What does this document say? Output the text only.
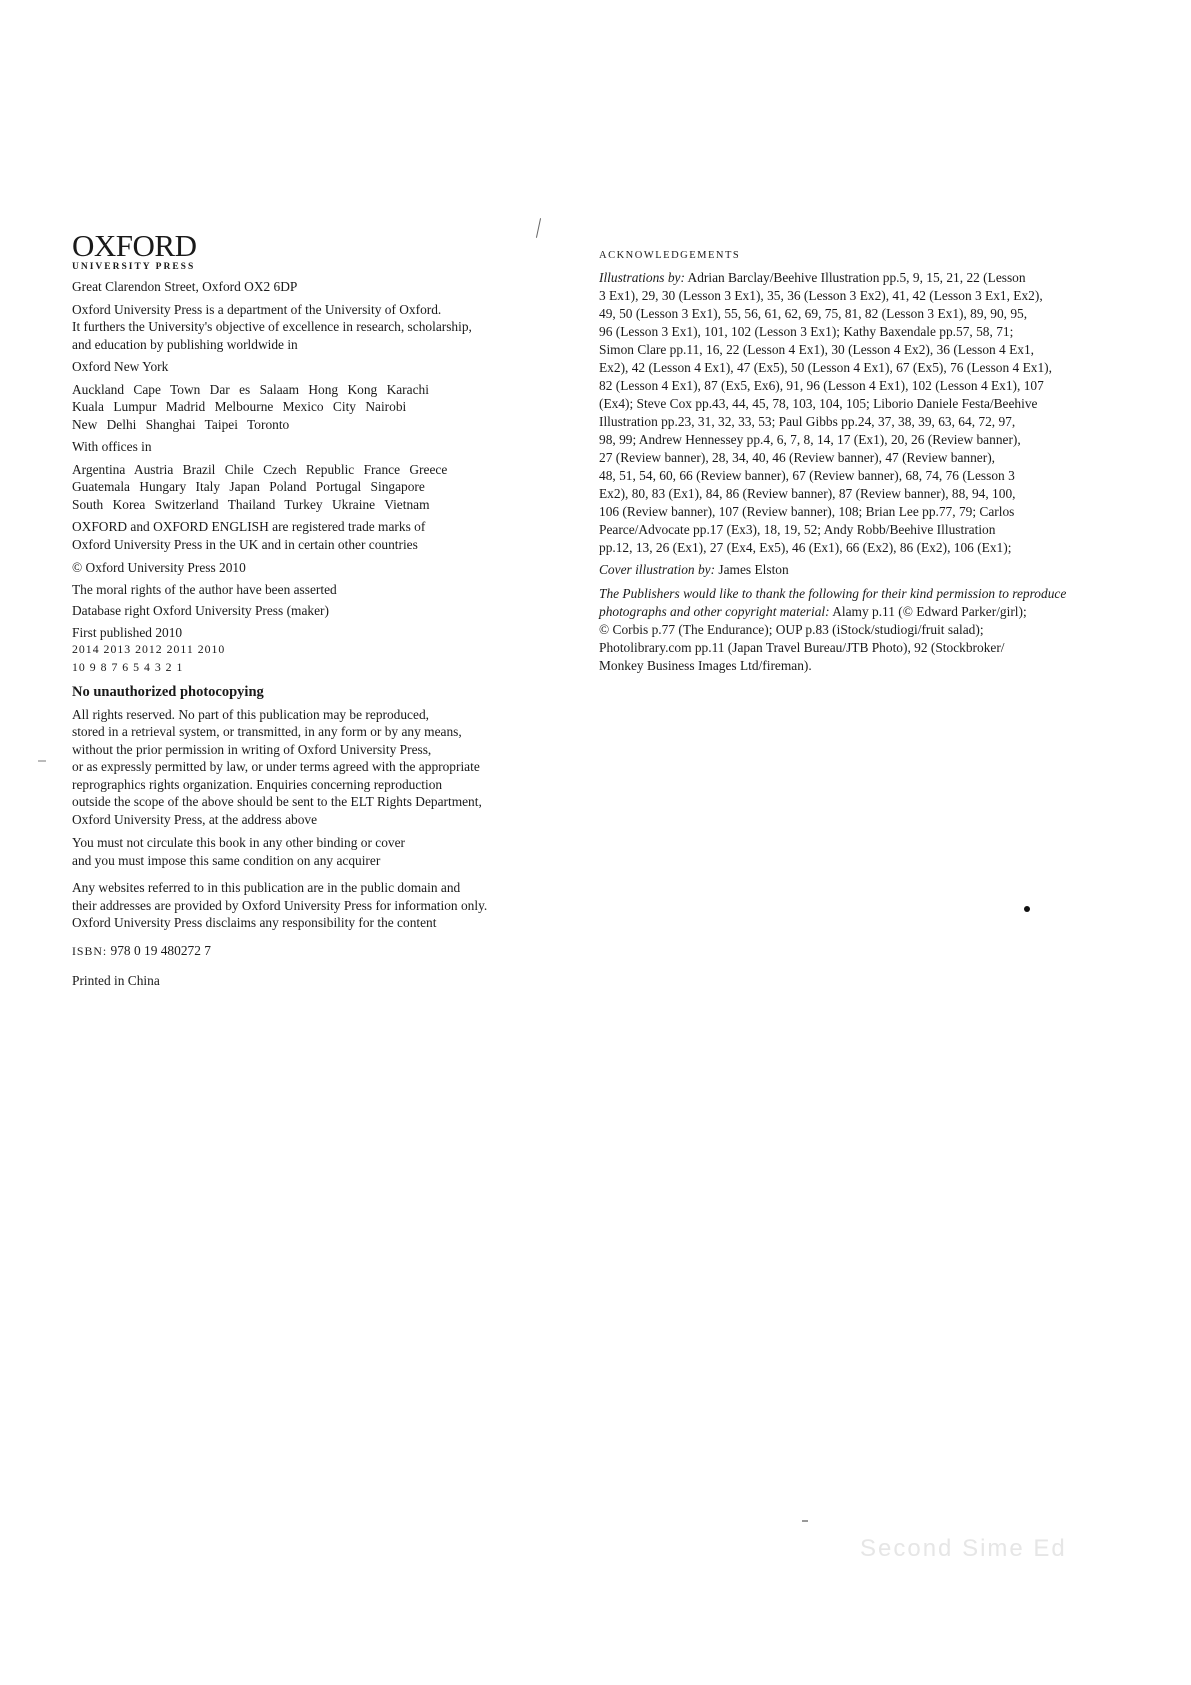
OXFORD
UNIVERSITY PRESS
Great Clarendon Street, Oxford OX2 6DP
Oxford University Press is a department of the University of Oxford.
It furthers the University's objective of excellence in research, scholarship,
and education by publishing worldwide in
Oxford New York
Auckland Cape Town Dar es Salaam Hong Kong Karachi
Kuala Lumpur Madrid Melbourne Mexico City Nairobi
New Delhi Shanghai Taipei Toronto
With offices in
Argentina Austria Brazil Chile Czech Republic France Greece
Guatemala Hungary Italy Japan Poland Portugal Singapore
South Korea Switzerland Thailand Turkey Ukraine Vietnam
OXFORD and OXFORD ENGLISH are registered trade marks of
Oxford University Press in the UK and in certain other countries
© Oxford University Press 2010
The moral rights of the author have been asserted
Database right Oxford University Press (maker)
First published 2010
2014 2013 2012 2011 2010
10 9 8 7 6 5 4 3 2 1
No unauthorized photocopying
All rights reserved. No part of this publication may be reproduced,
stored in a retrieval system, or transmitted, in any form or by any means,
without the prior permission in writing of Oxford University Press,
or as expressly permitted by law, or under terms agreed with the appropriate
reprographics rights organization. Enquiries concerning reproduction
outside the scope of the above should be sent to the ELT Rights Department,
Oxford University Press, at the address above
You must not circulate this book in any other binding or cover
and you must impose this same condition on any acquirer
Any websites referred to in this publication are in the public domain and
their addresses are provided by Oxford University Press for information only.
Oxford University Press disclaims any responsibility for the content
ISBN: 978 0 19 480272 7
Printed in China
ACKNOWLEDGEMENTS
Illustrations by: Adrian Barclay/Beehive Illustration pp.5, 9, 15, 21, 22 (Lesson
3 Ex1), 29, 30 (Lesson 3 Ex1), 35, 36 (Lesson 3 Ex2), 41, 42 (Lesson 3 Ex1, Ex2),
49, 50 (Lesson 3 Ex1), 55, 56, 61, 62, 69, 75, 81, 82 (Lesson 3 Ex1), 89, 90, 95,
96 (Lesson 3 Ex1), 101, 102 (Lesson 3 Ex1); Kathy Baxendale pp.57, 58, 71;
Simon Clare pp.11, 16, 22 (Lesson 4 Ex1), 30 (Lesson 4 Ex2), 36 (Lesson 4 Ex1,
Ex2), 42 (Lesson 4 Ex1), 47 (Ex5), 50 (Lesson 4 Ex1), 67 (Ex5), 76 (Lesson 4 Ex1),
82 (Lesson 4 Ex1), 87 (Ex5, Ex6), 91, 96 (Lesson 4 Ex1), 102 (Lesson 4 Ex1), 107
(Ex4); Steve Cox pp.43, 44, 45, 78, 103, 104, 105; Liborio Daniele Festa/Beehive
Illustration pp.23, 31, 32, 33, 53; Paul Gibbs pp.24, 37, 38, 39, 63, 64, 72, 97,
98, 99; Andrew Hennessey pp.4, 6, 7, 8, 14, 17 (Ex1), 20, 26 (Review banner),
27 (Review banner), 28, 34, 40, 46 (Review banner), 47 (Review banner),
48, 51, 54, 60, 66 (Review banner), 67 (Review banner), 68, 74, 76 (Lesson 3
Ex2), 80, 83 (Ex1), 84, 86 (Review banner), 87 (Review banner), 88, 94, 100,
106 (Review banner), 107 (Review banner), 108; Brian Lee pp.77, 79; Carlos
Pearce/Advocate pp.17 (Ex3), 18, 19, 52; Andy Robb/Beehive Illustration
pp.12, 13, 26 (Ex1), 27 (Ex4, Ex5), 46 (Ex1), 66 (Ex2), 86 (Ex2), 106 (Ex1);
Cover illustration by: James Elston
The Publishers would like to thank the following for their kind permission to reproduce
photographs and other copyright material: Alamy p.11 (© Edward Parker/girl);
© Corbis p.77 (The Endurance); OUP p.83 (iStock/studiogi/fruit salad);
Photolibrary.com pp.11 (Japan Travel Bureau/JTB Photo), 92 (Stockbroker/
Monkey Business Images Ltd/fireman).
Second Sime Ed
